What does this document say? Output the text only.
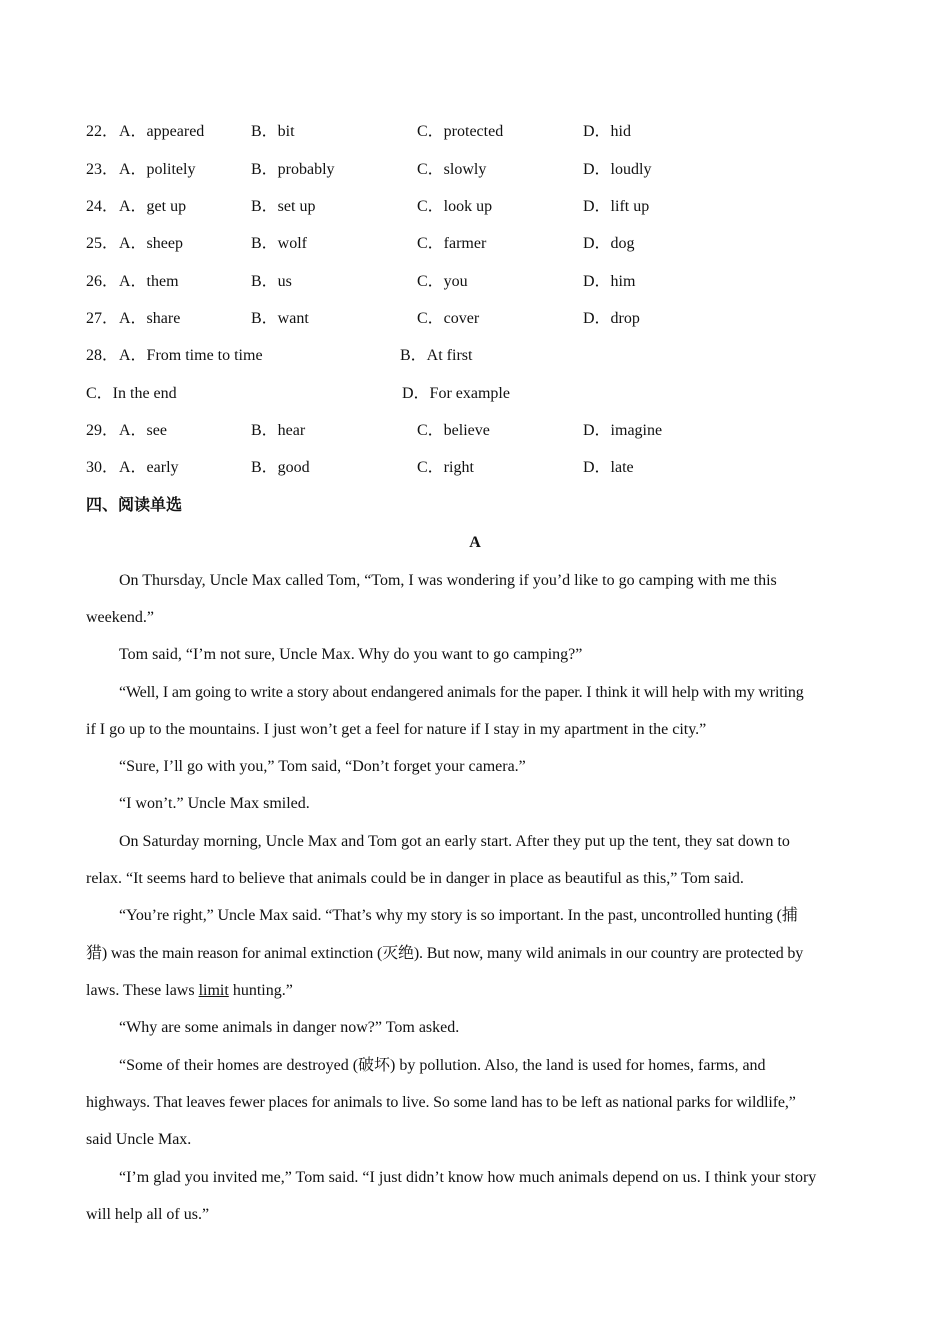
22． A．appeared	B．bit	C．protected	D．hid
23． A．politely	B．probably	C．slowly	D．loudly
24． A．get up	B．set up	C．look up	D．lift up
25． A．sheep	B．wolf	C．farmer	D．dog
26． A．them	B．us	C．you	D．him
27． A．share	B．want	C．cover	D．drop
28． A．From time to time	B．At first
C．In the end	D．For example
29． A．see	B．hear	C．believe	D．imagine
30． A．early	B．good	C．right	D．late
四、阅读单选
A
On Thursday, Uncle Max called Tom, “Tom, I was wondering if you’d like to go camping with me this
weekend.”
Tom said, “I’m not sure, Uncle Max. Why do you want to go camping?”
“Well, I am going to write a story about endangered animals for the paper. I think it will help with my writing
if I go up to the mountains. I just won’t get a feel for nature if I stay in my apartment in the city.”
“Sure, I’ll go with you,” Tom said, “Don’t forget your camera.”
“I won’t.” Uncle Max smiled.
On Saturday morning, Uncle Max and Tom got an early start. After they put up the tent, they sat down to
relax. “It seems hard to believe that animals could be in danger in place as beautiful as this,” Tom said.
“You’re right,” Uncle Max said. “That’s why my story is so important. In the past, uncontrolled hunting (捕
猎) was the main reason for animal extinction (灭绝). But now, many wild animals in our country are protected by
laws. These laws limit hunting.”
“Why are some animals in danger now?” Tom asked.
“Some of their homes are destroyed (破坏) by pollution. Also, the land is used for homes, farms, and
highways. That leaves fewer places for animals to live. So some land has to be left as national parks for wildlife,”
said Uncle Max.
“I’m glad you invited me,” Tom said. “I just didn’t know how much animals depend on us. I think your story
will help all of us.”
